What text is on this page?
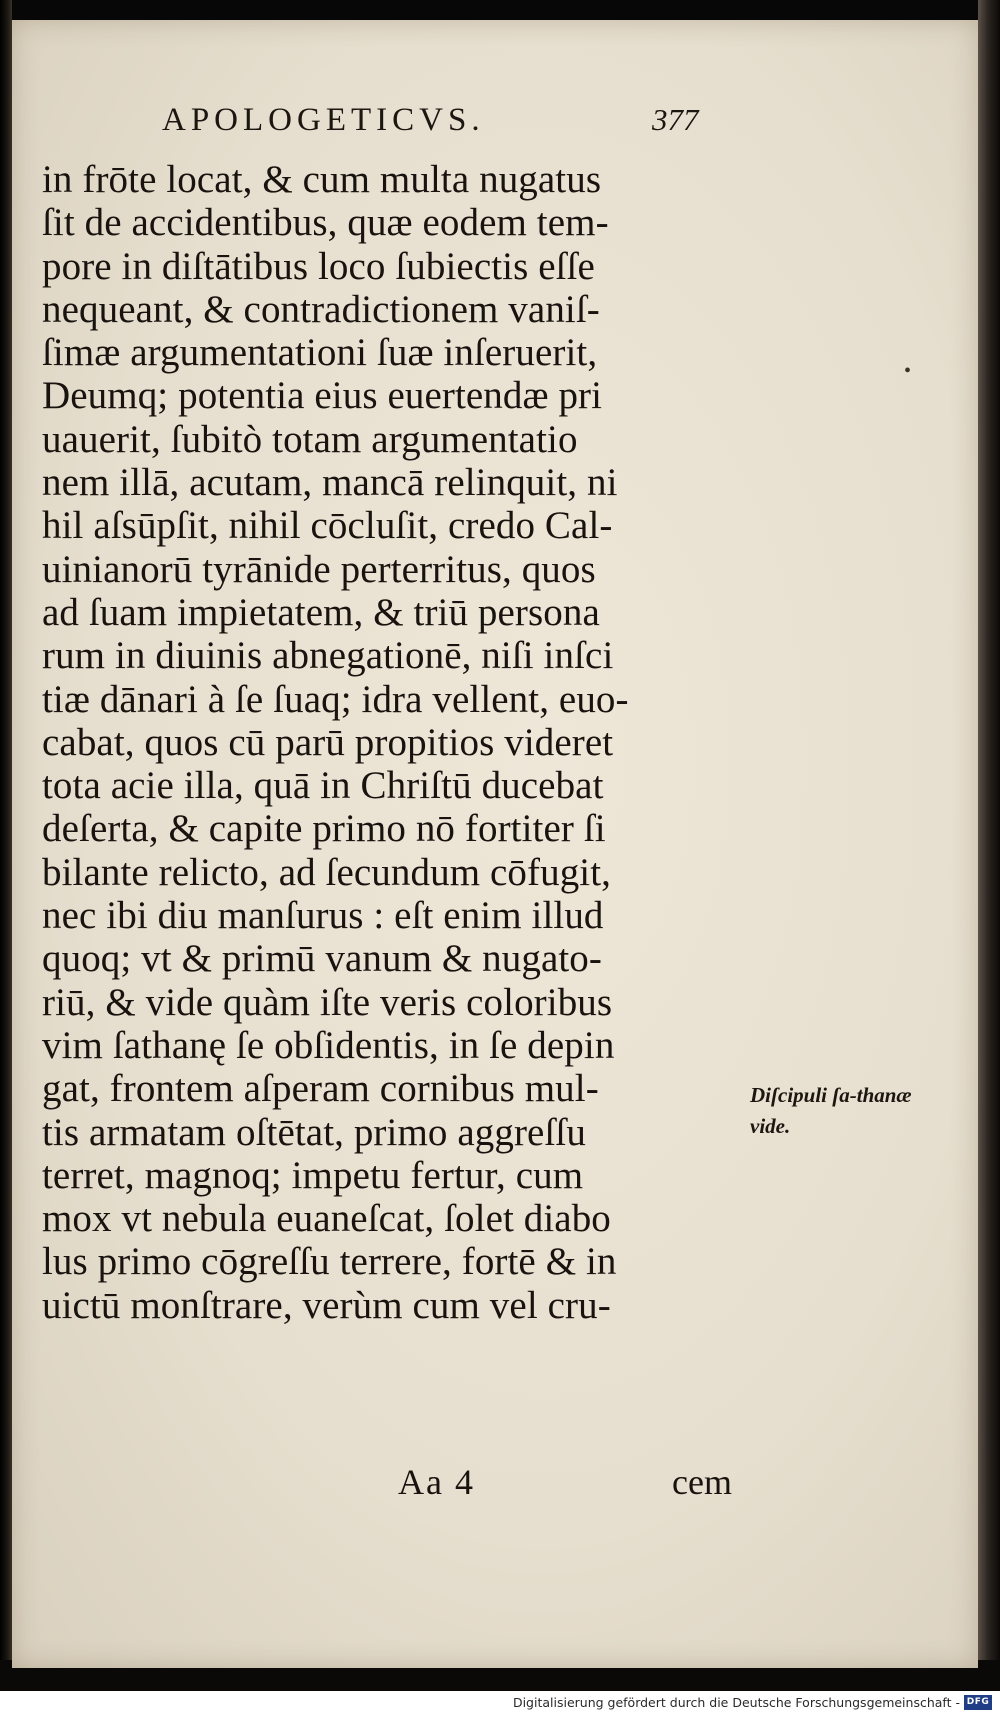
APOLOGETICVS.	377
in frōte locat, & cum multa nugatus
ſit de accidentibus, quæ eodem tem-
pore in diſtātibus loco ſubiectis eſſe
nequeant, & contradictionem vaniſ-
ſimæ argumentationi ſuæ inſeruerit,
Deumq; potentia eius euertendæ pri
uauerit, ſubitò totam argumentatio
nem illā, acutam, mancā relinquit, ni
hil aſsūpſit, nihil cōcluſit, credo Cal-
uinianorū tyrānide perterritus, quos
ad ſuam impietatem, & triū persona
rum in diuinis abnegationē, niſi inſci
tiæ dānari à ſe ſuaq; idra vellent, euo-
cabat, quos cū parū propitios videret
tota acie illa, quā in Chriſtū ducebat
deſerta, & capite primo nō fortiter ſi
bilante relicto, ad ſecundum cōfugit,
nec ibi diu manſurus : eſt enim illud
quoq; vt & primū vanum & nugato-
riū, & vide quàm iſte veris coloribus
vim ſathanę ſe obſidentis, in ſe depin
gat, frontem aſperam cornibus mul-
tis armatam oſtētat, primo aggreſſu
terret, magnoq; impetu fertur, cum
mox vt nebula euaneſcat, ſolet diabo
lus primo cōgreſſu terrere, fortē & in
uictū monſtrare, verùm cum vel cru-
•
Diſcipuli ſa-thanæ vide.
Aa 4	cem
Digitalisierung gefördert durch die Deutsche Forschungsgemeinschaft - DFG
